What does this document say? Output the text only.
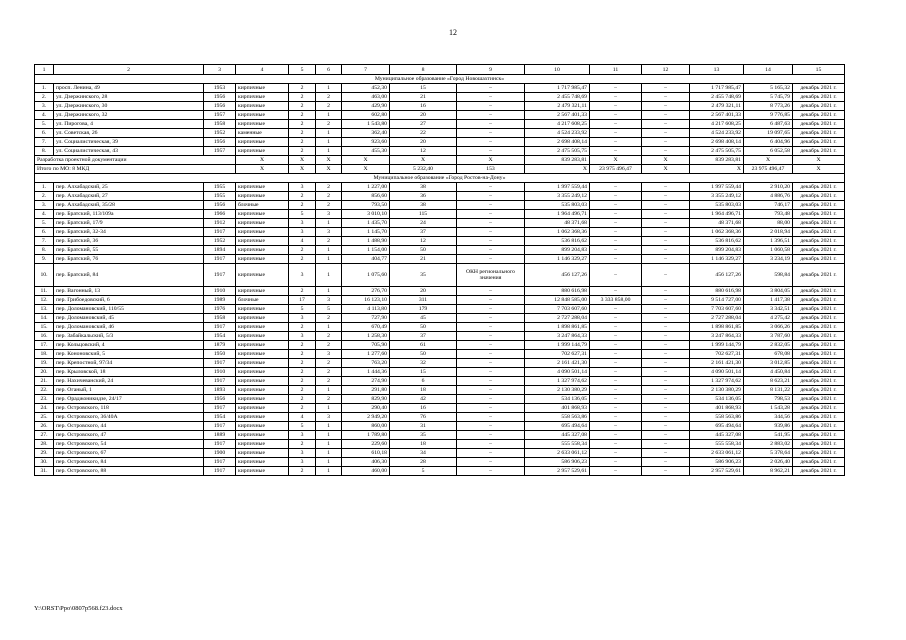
12
1	2	3	4	5	6	7	8	9	10	11	12	13	14	15	
Муниципальное образование «Город Новошахтинск»															
1.	просп. Ленина, 49	1953	кирпичные	2	1	452,30	15	–	1 717 985,47	–	–	1 717 985,47	5 165,32	декабрь 2021 г.	
2.	ул. Дзержинского, 28	1956	кирпичные	2	2	463,00	21	–	2 455 748,69	–	–	2 455 748,69	5 745,79	декабрь 2021 г.	
3.	ул. Дзержинского, 30	1956	кирпичные	2	2	429,90	16	–	2 479 321,11	–	–	2 479 321,11	8 773,26	декабрь 2021 г.	
4.	ул. Дзержинского, 32	1957	кирпичные	2	1	602,80	20	–	2 567 401,33	–	–	2 567 401,33	9 776,85	декабрь 2021 г.	
5.	ул. Пирогова, 4	1958	кирпичные	2	2	1 543,80	27	–	4 217 608,25	–	–	4 217 608,25	6 487,63	декабрь 2021 г.	
6.	ул. Советская, 26	1952	каменные	2	1	362,40	22	–	4 524 233,92	–	–	4 524 233,92	19 097,65	декабрь 2021 г.	
7.	ул. Социалистическая, 39	1956	кирпичные	2	1	923,60	20	–	2 698 408,14	–	–	2 698 408,14	6 404,96	декабрь 2021 г.	
8.	ул. Социалистическая, 43	1957	кирпичные	2	1	455,30	12	–	2 475 505,75	–	–	2 475 505,75	6 052,58	декабрь 2021 г.	
Разработка проектной документации			X	X	X	X	X	X	839 283,81	X	X	839 283,81	X	X	
Итого по МО: 8 МКД			X	X	X	X	5 232,40	153	X	23 975 496,47	X	X	23 975 496,47	X	
Муниципальное образование «Город Ростов-на-Дону»															
1.	пер. Алхабадский, 25	1955	кирпичные	3	2	1 227,00	38	–	1 997 559,44	–	–	1 997 559,44	2 910,20	декабрь 2021 г.	
2.	пер. Алхабадский, 27	1955	кирпичные	2	2	856,60	36	–	3 355 249,12	–	–	3 355 249,12	4 886,76	декабрь 2021 г.	
3.	пер. Алхабадский, 35/28	1956	блочные	2	2	793,50	38	–	535 803,03	–	–	535 803,03	746,17	декабрь 2021 г.	
4.	пер. Братский, 113/109а	1966	кирпичные	5	3	3 010,10	115	–	1 964 496,71	–	–	1 964 496,71	793,48	декабрь 2021 г.	
5.	пер. Братский, 17/9	1912	кирпичные	3	1	1 435,70	24	–	48 371,68	–	–	48 371,68	88,00	декабрь 2021 г.	
6.	пер. Братский, 32-34	1917	кирпичные	3	3	1 145,70	37	–	1 062 368,36	–	–	1 062 368,36	2 018,94	декабрь 2021 г.	
7.	пер. Братский, 36	1952	кирпичные	4	2	1 488,90	12	–	536 816,62	–	–	536 816,62	1 396,51	декабрь 2021 г.	
8.	пер. Братский, 55	1894	кирпичные	2	1	1 154,00	50	–	899 204,83	–	–	899 204,83	1 060,58	декабрь 2021 г.	
9.	пер. Братский, 76	1917	кирпичные	2	1	404,77	21	–	1 146 329,27	–	–	1 146 329,27	3 234,19	декабрь 2021 г.	
10.	пер. Братский, 84	1917	кирпичные	3	1	1 075,60	35	ОКН регионального значения	456 127,26	–	–	456 127,26	598,84	декабрь 2021 г.	
11.	пер. Вагонный, 13	1910	кирпичные	2	1	276,70	20	–	880 616,98	–	–	880 616,98	3 804,05	декабрь 2021 г.	
12.	пер. Грибоедовский, 6	1989	блочные	17	3	16 123,10	311	–	12 848 585,00	3 333 858,00	–	9 514 727,00	1 417,38	декабрь 2021 г.	
13.	пер. Доломановский, 110/55	1976	кирпичные	5	5	4 113,80	179	–	7 703 607,60	–	–	7 703 607,60	3 342,51	декабрь 2021 г.	
14.	пер. Доломановский, 45	1958	кирпичные	3	2	727,90	45	–	2 727 288,04	–	–	2 727 288,04	4 275,42	декабрь 2021 г.	
15.	пер. Доломановский, 46	1917	кирпичные	2	1	670,49	50	–	1 898 861,85	–	–	1 898 861,85	3 066,26	декабрь 2021 г.	
16.	пер. Забайкальский, 5/3	1954	кирпичные	3	2	1 258,30	37	–	3 247 864,33	–	–	3 247 864,33	3 787,60	декабрь 2021 г.	
17.	пер. Кольцовский, 4	1879	кирпичные	2	2	705,90	61	–	1 999 144,79	–	–	1 999 144,79	2 832,05	декабрь 2021 г.	
18.	пер. Кононовский, 5	1950	кирпичные	2	3	1 277,60	50	–	702 627,31	–	–	702 627,31	678,08	декабрь 2021 г.	
19.	пер. Крепостной, 97/34	1917	кирпичные	2	2	763,20	32	–	2 161 421,30	–	–	2 161 421,30	3 012,85	декабрь 2021 г.	
20.	пер. Крыловской, 18	1910	кирпичные	2	2	1 444,36	15	–	4 090 501,14	–	–	4 090 501,14	4 450,84	декабрь 2021 г.	
21.	пер. Нахичеванский, 24	1917	кирпичные	2	2	274,90	6	–	1 327 974,62	–	–	1 327 974,62	8 623,21	декабрь 2021 г.	
22.	пер. Оганый, 1	1893	кирпичные	2	1	291,80	18	–	2 130 380,29	–	–	2 130 380,29	8 131,22	декабрь 2021 г.	
23.	пер. Ораджоникидзе, 24/17	1956	кирпичные	2	2	829,90	42	–	534 136,05	–	–	534 136,05	798,53	декабрь 2021 г.	
24.	пер. Островского, 118	1917	кирпичные	2	1	290,40	16	–	401 868,93	–	–	401 868,93	1 543,28	декабрь 2021 г.	
25.	пер. Островского, 36/40А	1954	кирпичные	4	3	2 949,20	76	–	558 563,86	–	–	558 563,86	344,56	декабрь 2021 г.	
26.	пер. Островского, 44	1917	кирпичные	5	1	860,00	31	–	695 494,64	–	–	695 494,64	939,86	декабрь 2021 г.	
27.	пер. Островского, 47	1889	кирпичные	3	1	1 789,80	35	–	445 327,08	–	–	445 327,08	541,95	декабрь 2021 г.	
28.	пер. Островского, 54	1917	кирпичные	2	1	229,60	18	–	555 558,34	–	–	555 558,34	2 883,02	декабрь 2021 г.	
29.	пер. Островского, 67	1900	кирпичные	3	1	610,18	34	–	2 633 061,12	–	–	2 633 061,12	5 378,64	декабрь 2021 г.	
30.	пер. Островского, 84	1917	кирпичные	3	1	406,30	28	–	586 906,23	–	–	586 906,23	2 026,40	декабрь 2021 г.	
31.	пер. Островского, 88	1917	кирпичные	2	1	460,00	5	–	2 957 529,61	–	–	2 957 529,61	8 962,21	декабрь 2021 г.	
Y:\ORST\Ppo\0807p568.f23.docx
